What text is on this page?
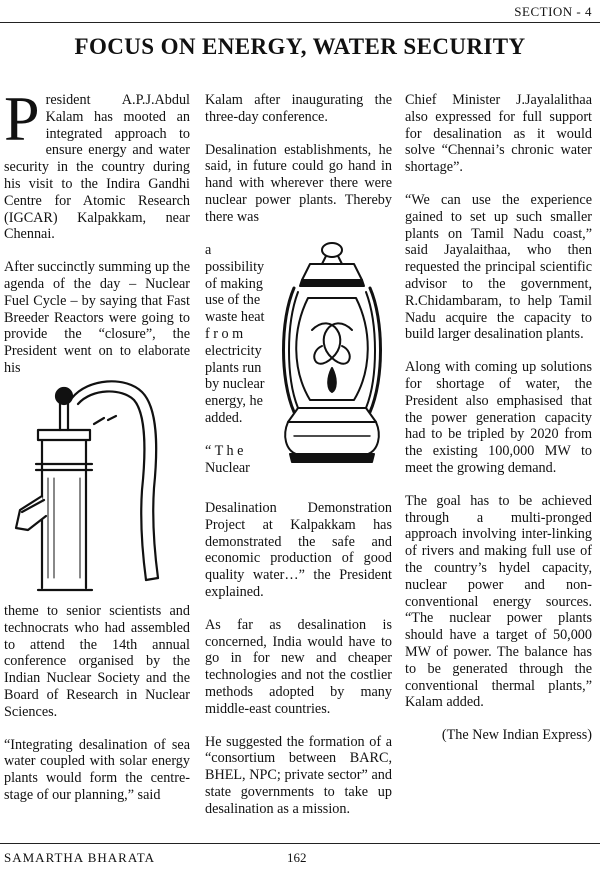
SECTION - 4
FOCUS ON ENERGY, WATER SECURITY

President A.P.J.Abdul Kalam has mooted an integrated approach to ensure energy and water security in the country during his visit to the Indira Gandhi Centre for Atomic Research (IGCAR) Kalpakkam, near Chennai.

After succinctly summing up the agenda of the day – Nuclear Fuel Cycle – by saying that Fast Breeder Reactors were going to provide the “closure”, the President went on to elaborate his

theme to senior scientists and technocrats who had assembled to attend the 14th annual conference organised by the Indian Nuclear Society and the Board of Research in Nuclear Sciences.

“Integrating desalination of sea water coupled with solar energy plants would form the centre-stage of our planning,” said

Kalam after inaugurating the three-day conference.

Desalination establishments, he said, in future could go hand in hand with wherever there were nuclear power plants. Thereby there was

a

possibility

of making

use of the

waste heat

f r o m

electricity

plants run

by nuclear

energy, he

added.

“ T h e

Nuclear

Desalination Demonstration Project at Kalpakkam has demonstrated the safe and economic production of good quality water…” the President explained.

As far as desalination is concerned, India would have to go in for new and cheaper technologies and not the costlier methods adopted by many middle-east countries.

He suggested the formation of a “consortium between BARC, BHEL, NPC; private sector” and state governments to take up desalination as a mission.

Chief Minister J.Jayalalithaa also expressed for full support for desalination as it would solve “Chennai’s chronic water shortage”.

“We can use the experience gained to set up such smaller plants on Tamil Nadu coast,” said Jayalaithaa, who then requested the principal scientific advisor to the government, R.Chidambaram, to help Tamil Nadu acquire the capacity to build larger desalination plants.

Along with coming up solutions for shortage of water, the President also emphasised that the power generation capacity had to be tripled by 2020 from the existing 100,000 MW to meet the growing demand.

The goal has to be achieved through a multi-pronged approach involving inter-linking of rivers and making full use of the country’s hydel capacity, nuclear power and non-conventional energy sources. “The nuclear power plants should have a target of 50,000 MW of power. The balance has to be generated through the conventional thermal plants,” Kalam added.

(The New Indian Express)

SAMARTHA BHARATA	162
